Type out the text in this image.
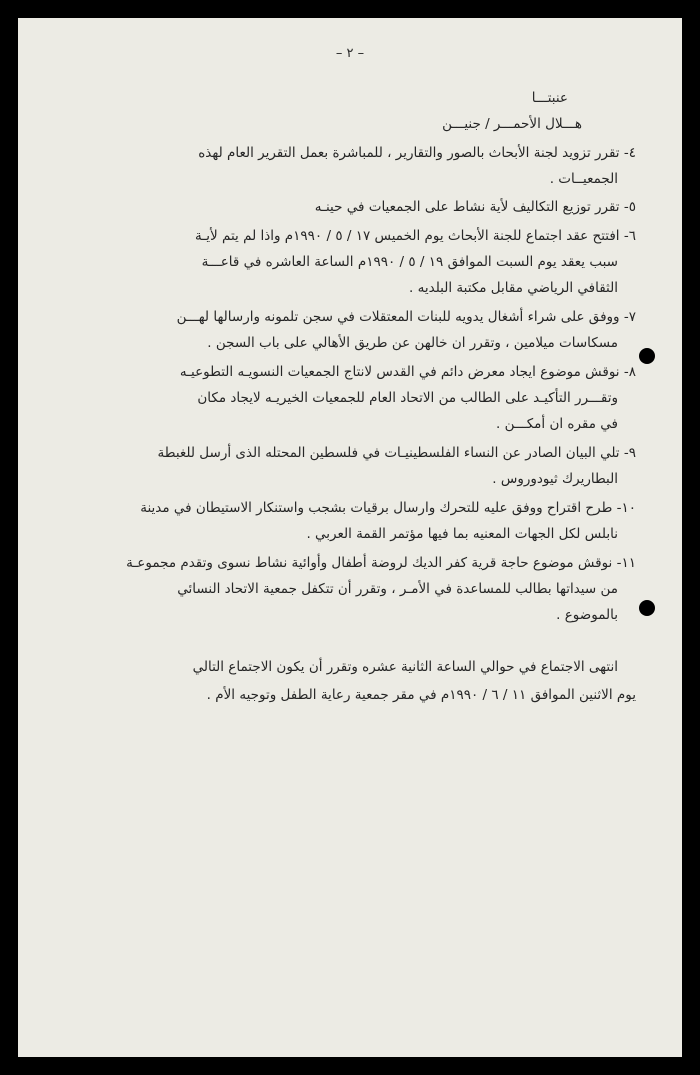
– ٢ –
عنبتـــا
هـــلال الأحمـــر / جنيـــن
٤- تقرر تزويد لجنة الأبحاث بالصور والتقارير ، للمباشرة بعمل التقرير العام لهذه
الجمعيــات .
٥- تقرر توزيع التكاليف لأية نشاط على الجمعيات في حينـه
٦- افتتح عقد اجتماع للجنة الأبحاث يوم الخميس ١٧ / ٥ / ١٩٩٠م واذا لم يتم لأيـة
سبب يعقد يوم السبت الموافق ١٩ / ٥ / ١٩٩٠م الساعة العاشره في قاعـــة
الثقافي الرياضي مقابل مكتبة البلديه .
٧- ووفق على شراء أشغال يدويه للبنات المعتقلات في سجن تلمونه وارسالها لهـــن
مسكاسات ميلامين ، وتقرر ان خالهن عن طريق الأهالي على باب السجن .
٨- نوقش موضوع ايجاد معرض دائم في القدس لانتاج الجمعيات النسويـه التطوعيـه
وتقـــرر التأكيـد على الطالب من الاتحاد العام للجمعيات الخيريـه لايجاد مكان
في مقره ان أمكـــن .
٩- تلي البيان الصادر عن النساء الفلسطينيـات في فلسطين المحتله الذى أرسل للغبطة
البطاريرك ثيودوروس .
١٠- طرح اقتراح ووفق عليه للتحرك وارسال برقيات بشجب واستنكار الاستيطان في مدينة
نابلس لكل الجهات المعنيه بما فيها مؤتمر القمة العربي .
١١- نوقش موضوع حاجة قرية كفر الديك لروضة أطفال وأوائية نشاط نسوى وتقدم مجموعـة
من سيداتها بطالب للمساعدة في الأمـر ، وتقرر أن تتكفل جمعية الاتحاد النسائي
بالموضوع .
انتهى الاجتماع في حوالي الساعة الثانية عشره وتقرر أن يكون الاجتماع التالي
يوم الاثنين الموافق ١١ / ٦ / ١٩٩٠م في مقر جمعية رعاية الطفل وتوجيه الأم .
